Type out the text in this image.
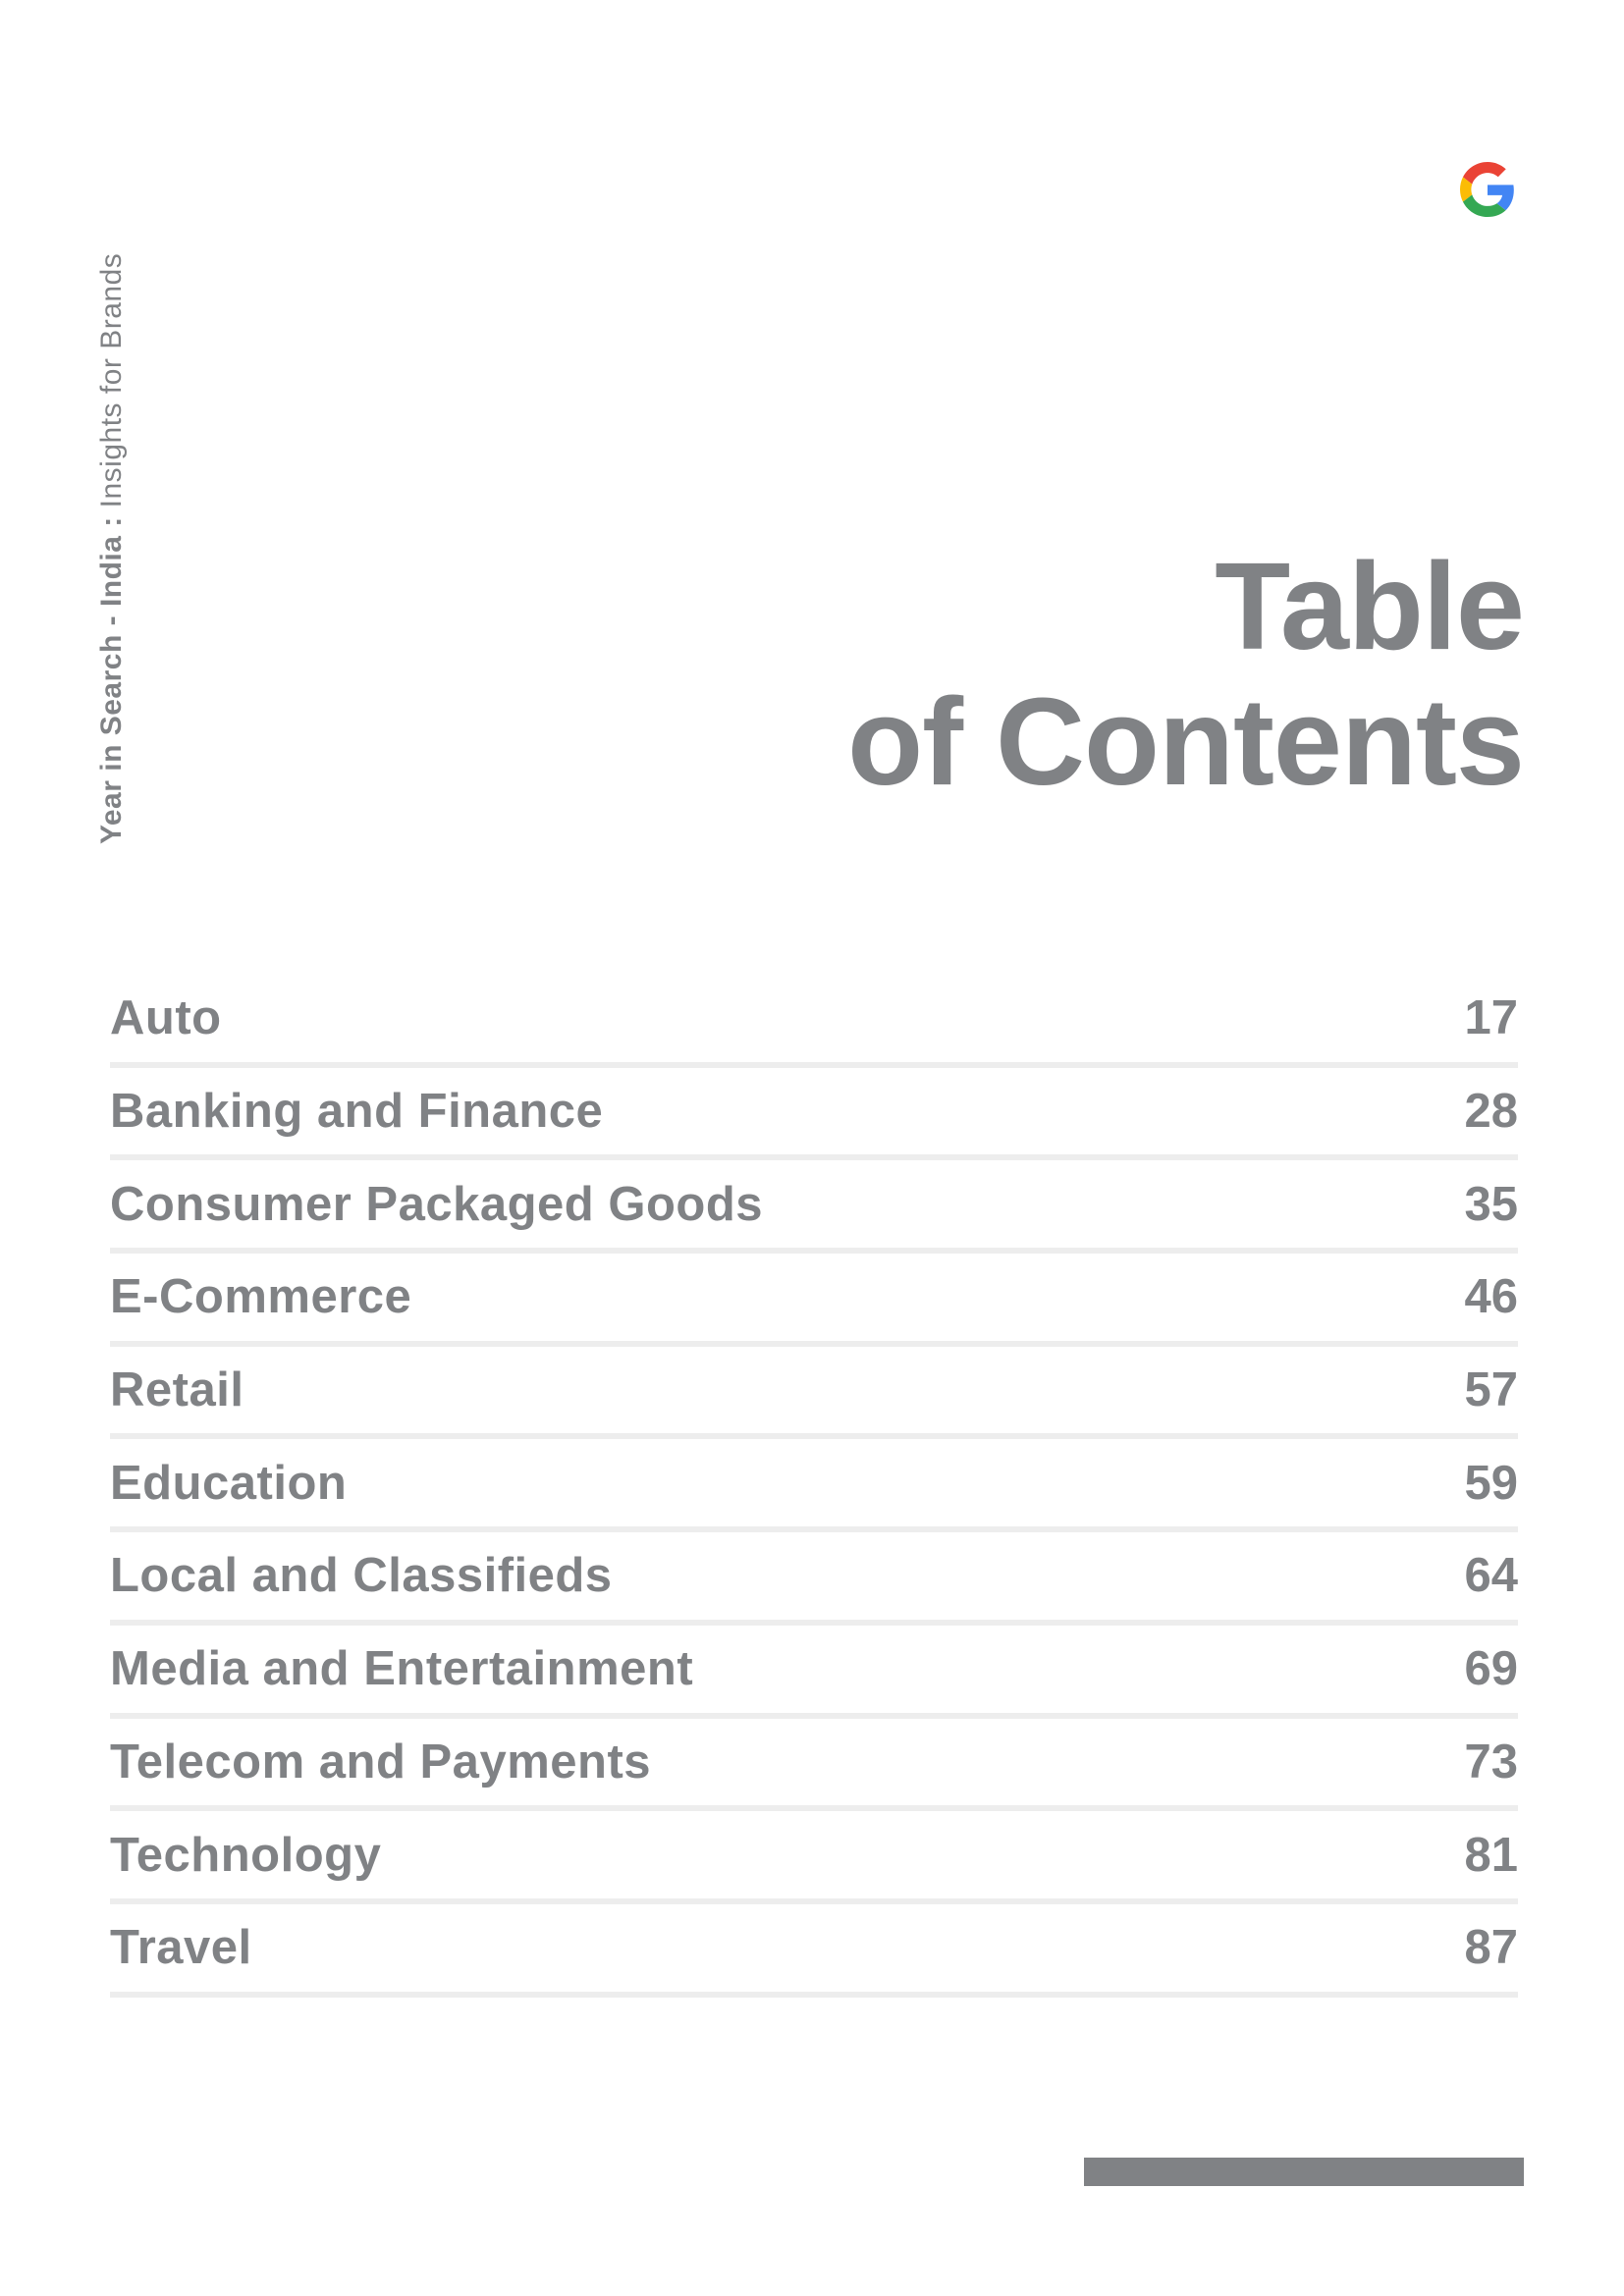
Year in Search - India : Insights for Brands
Table
of Contents
Auto	17
Banking and Finance	28
Consumer Packaged Goods	35
E-Commerce	46
Retail	57
Education	59
Local and Classifieds	64
Media and Entertainment	69
Telecom and Payments	73
Technology	81
Travel	87
